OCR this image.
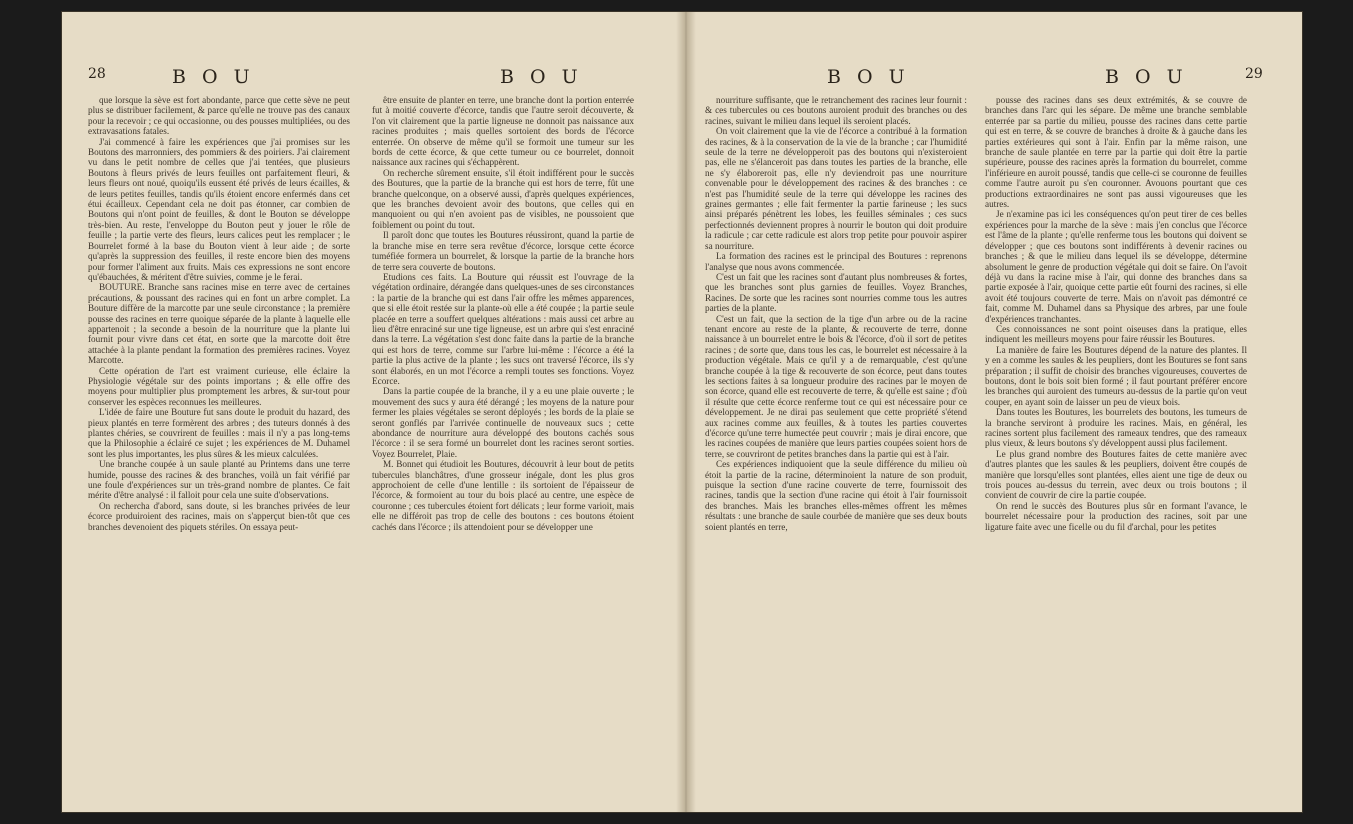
28	B O U	B O U

que lorsque la sève est fort abondante, parce que cette sève ne peut plus se distribuer facilement, & parce qu'elle ne trouve pas des canaux pour la recevoir ; ce qui occasionne, ou des pousses multipliées, ou des extravasations fatales.

J'ai commencé à faire les expériences que j'ai promises sur les Boutons des marronniers, des pommiers & des poiriers. J'ai clairement vu dans le petit nombre de celles que j'ai tentées, que plusieurs Boutons à fleurs privés de leurs feuilles ont parfaitement fleuri, & leurs fleurs ont noué, quoiqu'ils eussent été privés de leurs écailles, & de leurs petites feuilles, tandis qu'ils étoient encore enfermés dans cet étui écailleux. Cependant cela ne doit pas étonner, car combien de Boutons qui n'ont point de feuilles, & dont le Bouton se développe très-bien. Au reste, l'enveloppe du Bouton peut y jouer le rôle de feuille ; la partie verte des fleurs, leurs calices peut les remplacer ; le Bourrelet formé à la base du Bouton vient à leur aide ; de sorte qu'après la suppression des feuilles, il reste encore bien des moyens pour former l'aliment aux fruits. Mais ces expressions ne sont encore qu'ébauchées, & méritent d'être suivies, comme je le ferai.

BOUTURE. Branche sans racines mise en terre avec de certaines précautions, & poussant des racines qui en font un arbre complet. La Bouture diffère de la marcotte par une seule circonstance ; la première pousse des racines en terre quoique séparée de la plante à laquelle elle appartenoit ; la seconde a besoin de la nourriture que la plante lui fournit pour vivre dans cet état, en sorte que la marcotte doit être attachée à la plante pendant la formation des premières racines. Voyez Marcotte.

Cette opération de l'art est vraiment curieuse, elle éclaire la Physiologie végétale sur des points importans ; & elle offre des moyens pour multiplier plus promptement les arbres, & sur-tout pour conserver les espèces reconnues les meilleures.

L'idée de faire une Bouture fut sans doute le produit du hazard, des pieux plantés en terre formèrent des arbres ; des tuteurs donnés à des plantes chéries, se couvrirent de feuilles : mais il n'y a pas long-tems que la Philosophie a éclairé ce sujet ; les expériences de M. Duhamel sont les plus importantes, les plus sûres & les mieux calculées.

Une branche coupée à un saule planté au Printems dans une terre humide, pousse des racines & des branches, voilà un fait vérifié par une foule d'expériences sur un très-grand nombre de plantes. Ce fait mérite d'être analysé : il falloit pour cela une suite d'observations.

On rechercha d'abord, sans doute, si les branches privées de leur écorce produiroient des racines, mais on s'apperçut bien-tôt que ces branches devenoient des piquets stériles. On essaya peut-

être ensuite de planter en terre, une branche dont la portion enterrée fut à moitié couverte d'écorce, tandis que l'autre seroit découverte, & l'on vit clairement que la partie ligneuse ne donnoit pas naissance aux racines produites ; mais quelles sortoient des bords de l'écorce enterrée. On observe de même qu'il se formoit une tumeur sur les bords de cette écorce, & que cette tumeur ou ce bourrelet, donnoit naissance aux racines qui s'échappèrent.

On recherche sûrement ensuite, s'il étoit indifférent pour le succès des Boutures, que la partie de la branche qui est hors de terre, fût une branche quelconque, on a observé aussi, d'après quelques expériences, que les branches devoient avoir des boutons, que celles qui en manquoient ou qui n'en avoient pas de visibles, ne poussoient que foiblement ou point du tout.

Il paroît donc que toutes les Boutures réussiront, quand la partie de la branche mise en terre sera revêtue d'écorce, lorsque cette écorce tuméfiée formera un bourrelet, & lorsque la partie de la branche hors de terre sera couverte de boutons.

Etudions ces faits. La Bouture qui réussit est l'ouvrage de la végétation ordinaire, dérangée dans quelques-unes de ses circonstances : la partie de la branche qui est dans l'air offre les mêmes apparences, que si elle étoit restée sur la plante-où elle a été coupée ; la partie seule placée en terre a souffert quelques altérations : mais aussi cet arbre au lieu d'être enraciné sur une tige ligneuse, est un arbre qui s'est enraciné dans la terre. La végétation s'est donc faite dans la partie de la branche qui est hors de terre, comme sur l'arbre lui-même : l'écorce a été la partie la plus active de la plante ; les sucs ont traversé l'écorce, ils s'y sont élaborés, en un mot l'écorce a rempli toutes ses fonctions. Voyez Ecorce.

Dans la partie coupée de la branche, il y a eu une plaie ouverte ; le mouvement des sucs y aura été dérangé ; les moyens de la nature pour fermer les plaies végétales se seront déployés ; les bords de la plaie se seront gonflés par l'arrivée continuelle de nouveaux sucs ; cette abondance de nourriture aura développé des boutons cachés sous l'écorce : il se sera formé un bourrelet dont les racines seront sorties. Voyez Bourrelet, Plaie.

M. Bonnet qui étudioit les Boutures, découvrit à leur bout de petits tubercules blanchâtres, d'une grosseur inégale, dont les plus gros approchoient de celle d'une lentille : ils sortoient de l'épaisseur de l'écorce, & formoient au tour du bois placé au centre, une espèce de couronne ; ces tubercules étoient fort délicats ; leur forme varioit, mais elle ne différoit pas trop de celle des boutons : ces boutons étoient cachés dans l'écorce ; ils attendoient pour se développer une

B O U	B O U	29

nourriture suffisante, que le retranchement des racines leur fournit : & ces tubercules ou ces boutons auroient produit des branches ou des racines, suivant le milieu dans lequel ils seroient placés.

On voit clairement que la vie de l'écorce a contribué à la formation des racines, & à la conservation de la vie de la branche ; car l'humidité seule de la terre ne développeroit pas des boutons qui n'existeroient pas, elle ne s'élanceroit pas dans toutes les parties de la branche, elle ne s'y élaboreroit pas, elle n'y deviendroit pas une nourriture convenable pour le développement des racines & des branches : ce n'est pas l'humidité seule de la terre qui développe les racines des graines germantes ; elle fait fermenter la partie farineuse ; les sucs ainsi préparés pénètrent les lobes, les feuilles séminales ; ces sucs perfectionnés deviennent propres à nourrir le bouton qui doit produire la radicule ; car cette radicule est alors trop petite pour pouvoir aspirer sa nourriture.

La formation des racines est le principal des Boutures : reprenons l'analyse que nous avons commencée.

C'est un fait que les racines sont d'autant plus nombreuses & fortes, que les branches sont plus garnies de feuilles. Voyez Branches, Racines. De sorte que les racines sont nourries comme tous les autres parties de la plante.

C'est un fait, que la section de la tige d'un arbre ou de la racine tenant encore au reste de la plante, & recouverte de terre, donne naissance à un bourrelet entre le bois & l'écorce, d'où il sort de petites racines ; de sorte que, dans tous les cas, le bourrelet est nécessaire à la production végétale. Mais ce qu'il y a de remarquable, c'est qu'une branche coupée à la tige & recouverte de son écorce, peut dans toutes les sections faites à sa longueur produire des racines par le moyen de son écorce, quand elle est recouverte de terre, & qu'elle est saine ; d'où il résulte que cette écorce renferme tout ce qui est nécessaire pour ce développement. Je ne dirai pas seulement que cette propriété s'étend aux racines comme aux feuilles, & à toutes les parties couvertes d'écorce qu'une terre humectée peut couvrir ; mais je dirai encore, que les racines coupées de manière que leurs parties coupées soient hors de terre, se couvriront de petites branches dans la partie qui est à l'air.

Ces expériences indiquoient que la seule différence du milieu où étoit la partie de la racine, déterminoient la nature de son produit, puisque la section d'une racine couverte de terre, fournissoit des racines, tandis que la section d'une racine qui étoit à l'air fournissoit des branches. Mais les branches elles-mêmes offrent les mêmes résultats : une branche de saule courbée de manière que ses deux bouts soient plantés en terre,

pousse des racines dans ses deux extrémités, & se couvre de branches dans l'arc qui les sépare. De même une branche semblable enterrée par sa partie du milieu, pousse des racines dans cette partie qui est en terre, & se couvre de branches à droite & à gauche dans les parties extérieures qui sont à l'air. Enfin par la même raison, une branche de saule plantée en terre par la partie qui doit être la partie supérieure, pousse des racines après la formation du bourrelet, comme l'inférieure en auroit poussé, tandis que celle-ci se couronne de feuilles comme l'autre auroit pu s'en couronner. Avouons pourtant que ces productions extraordinaires ne sont pas aussi vigoureuses que les autres.

Je n'examine pas ici les conséquences qu'on peut tirer de ces belles expériences pour la marche de la sève : mais j'en conclus que l'écorce est l'âme de la plante ; qu'elle renferme tous les boutons qui doivent se développer ; que ces boutons sont indifférents à devenir racines ou branches ; & que le milieu dans lequel ils se développe, détermine absolument le genre de production végétale qui doit se faire. On l'avoit déjà vu dans la racine mise à l'air, qui donne des branches dans sa partie exposée à l'air, quoique cette partie eût fourni des racines, si elle avoit été toujours couverte de terre. Mais on n'avoit pas démontré ce fait, comme M. Duhamel dans sa Physique des arbres, par une foule d'expériences tranchantes.

Ces connoissances ne sont point oiseuses dans la pratique, elles indiquent les meilleurs moyens pour faire réussir les Boutures.

La manière de faire les Boutures dépend de la nature des plantes. Il y en a comme les saules & les peupliers, dont les Boutures se font sans préparation ; il suffit de choisir des branches vigoureuses, couvertes de boutons, dont le bois soit bien formé ; il faut pourtant préférer encore les branches qui auroient des tumeurs au-dessus de la partie qu'on veut couper, en ayant soin de laisser un peu de vieux bois.

Dans toutes les Boutures, les bourrelets des boutons, les tumeurs de la branche serviront à produire les racines. Mais, en général, les racines sortent plus facilement des rameaux tendres, que des rameaux plus vieux, & leurs boutons s'y développent aussi plus facilement.

Le plus grand nombre des Boutures faites de cette manière avec d'autres plantes que les saules & les peupliers, doivent être coupés de manière que lorsqu'elles sont plantées, elles aient une tige de deux ou trois pouces au-dessus du terrein, avec deux ou trois boutons ; il convient de couvrir de cire la partie coupée.

On rend le succès des Boutures plus sûr en formant l'avance, le bourrelet nécessaire pour la production des racines, soit par une ligature faite avec une ficelle ou du fil d'archal, pour les petites
